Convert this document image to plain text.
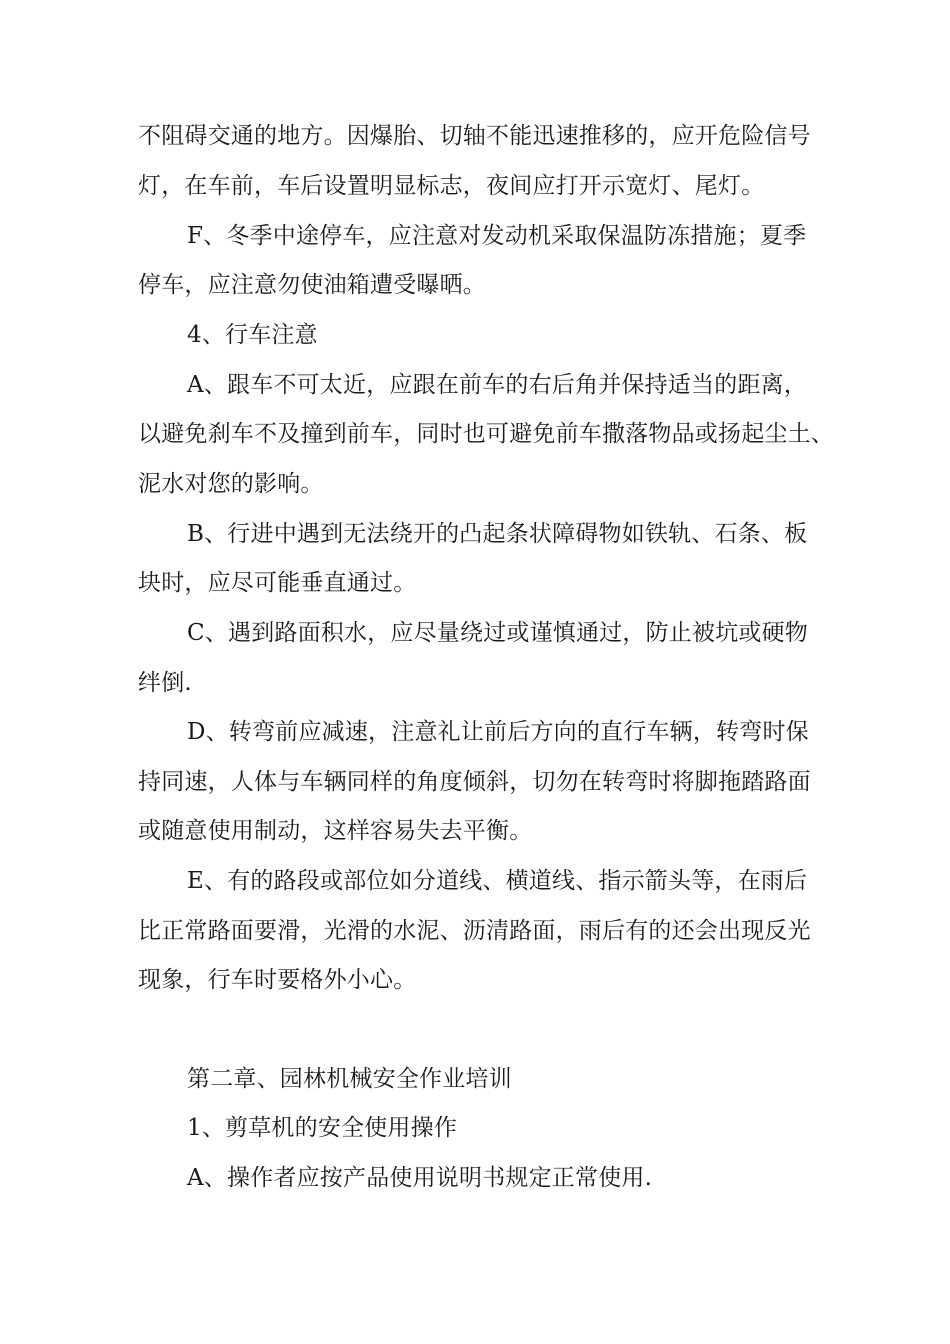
不阻碍交通的地方。因爆胎、切轴不能迅速推移的，应开危险信号
灯，在车前，车后设置明显标志，夜间应打开示宽灯、尾灯。
F、冬季中途停车，应注意对发动机采取保温防冻措施；夏季
停车，应注意勿使油箱遭受曝晒。
4、行车注意
A、跟车不可太近，应跟在前车的右后角并保持适当的距离，
以避免刹车不及撞到前车，同时也可避免前车撒落物品或扬起尘土、
泥水对您的影响。
B、行进中遇到无法绕开的凸起条状障碍物如铁轨、石条、板
块时，应尽可能垂直通过。
C、遇到路面积水，应尽量绕过或谨慎通过，防止被坑或硬物
绊倒.
D、转弯前应减速，注意礼让前后方向的直行车辆，转弯时保
持同速，人体与车辆同样的角度倾斜，切勿在转弯时将脚拖踏路面
或随意使用制动，这样容易失去平衡。
E、有的路段或部位如分道线、横道线、指示箭头等，在雨后
比正常路面要滑，光滑的水泥、沥清路面，雨后有的还会出现反光
现象，行车时要格外小心。
第二章、园林机械安全作业培训
1、剪草机的安全使用操作
A、操作者应按产品使用说明书规定正常使用.
